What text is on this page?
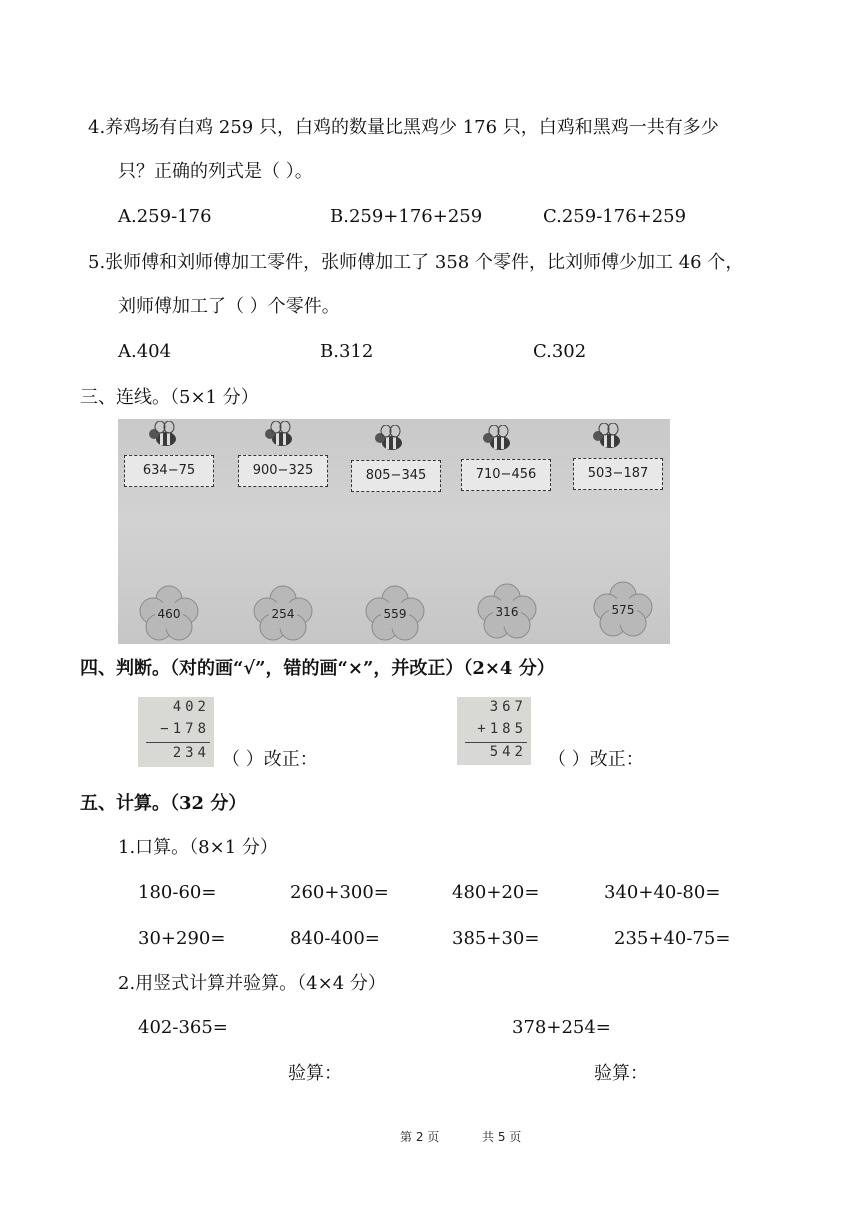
4.养鸡场有白鸡 259 只，白鸡的数量比黑鸡少 176 只，白鸡和黑鸡一共有多少
只？正确的列式是（ ）。
A.259-176	B.259+176+259	C.259-176+259
5.张师傅和刘师傅加工零件，张师傅加工了 358 个零件，比刘师傅少加工 46 个，
刘师傅加工了（ ）个零件。
A.404	B.312	C.302
三、连线。（5×1 分）
634−75	900−325	805−345	710−456	503−187
460	254	559	316	575
四、判断。（对的画“√”，错的画“×”，并改正）（2×4 分）
402
−178
234 （ ）改正：
367
+185
542 （ ）改正：
五、计算。（32 分）
1.口算。（8×1 分）
180-60=	260+300=	480+20=	340+40-80=
30+290=	840-400=	385+30=	235+40-75=
2.用竖式计算并验算。（4×4 分）
402-365=	378+254=
验算：	验算：
第 2 页	共 5 页
